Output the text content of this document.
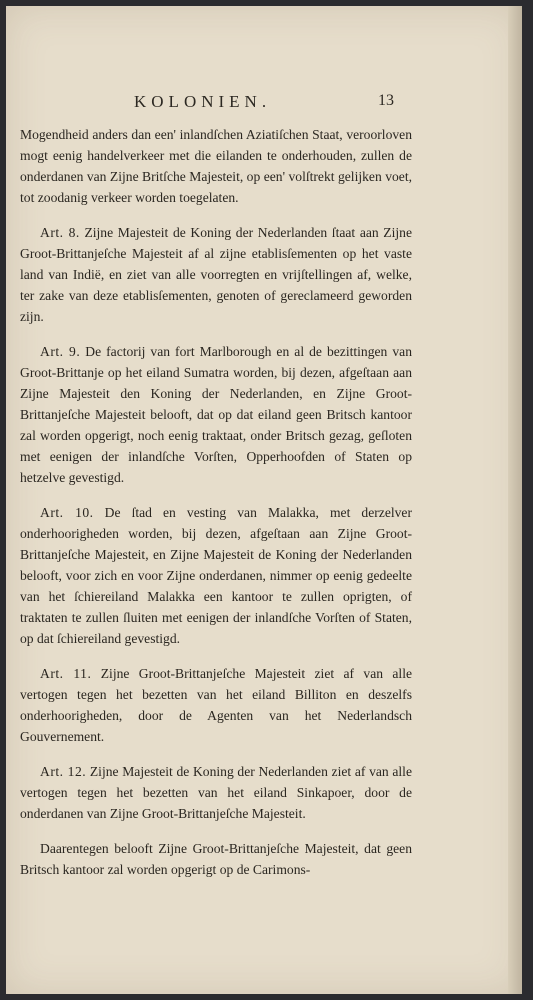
KOLONIEN.	13

Mogendheid anders dan een' inlandſchen Aziatiſchen Staat, veroorloven mogt eenig handelverkeer met die eilanden te onderhouden, zullen de onderdanen van Zijne Britſche Majesteit, op een' volſtrekt gelijken voet, tot zoodanig verkeer worden toegelaten.

Art. 8. Zijne Majesteit de Koning der Nederlanden ſtaat aan Zijne Groot-Brittanjeſche Majesteit af al zijne etablisſementen op het vaste land van Indië, en ziet van alle voorregten en vrijſtellingen af, welke, ter zake van deze etablisſementen, genoten of gereclameerd geworden zijn.

Art. 9. De factorij van fort Marlborough en al de bezittingen van Groot-Brittanje op het eiland Sumatra worden, bij dezen, afgeſtaan aan Zijne Majesteit den Koning der Nederlanden, en Zijne Groot-Brittanjeſche Majesteit belooft, dat op dat eiland geen Britsch kantoor zal worden opgerigt, noch eenig traktaat, onder Britsch gezag, geſloten met eenigen der inlandſche Vorſten, Opperhoofden of Staten op hetzelve gevestigd.

Art. 10. De ſtad en vesting van Malakka, met derzelver onderhoorigheden worden, bij dezen, afgeſtaan aan Zijne Groot-Brittanjeſche Majesteit, en Zijne Majesteit de Koning der Nederlanden belooft, voor zich en voor Zijne onderdanen, nimmer op eenig gedeelte van het ſchiereiland Malakka een kantoor te zullen oprigten, of traktaten te zullen ſluiten met eenigen der inlandſche Vorſten of Staten, op dat ſchiereiland gevestigd.

Art. 11. Zijne Groot-Brittanjeſche Majesteit ziet af van alle vertogen tegen het bezetten van het eiland Billiton en deszelfs onderhoorigheden, door de Agenten van het Nederlandsch Gouvernement.

Art. 12. Zijne Majesteit de Koning der Nederlanden ziet af van alle vertogen tegen het bezetten van het eiland Sinkapoer, door de onderdanen van Zijne Groot-Brittanjeſche Majesteit.

Daarentegen belooft Zijne Groot-Brittanjeſche Majesteit, dat geen Britsch kantoor zal worden opgerigt op de Carimons-
